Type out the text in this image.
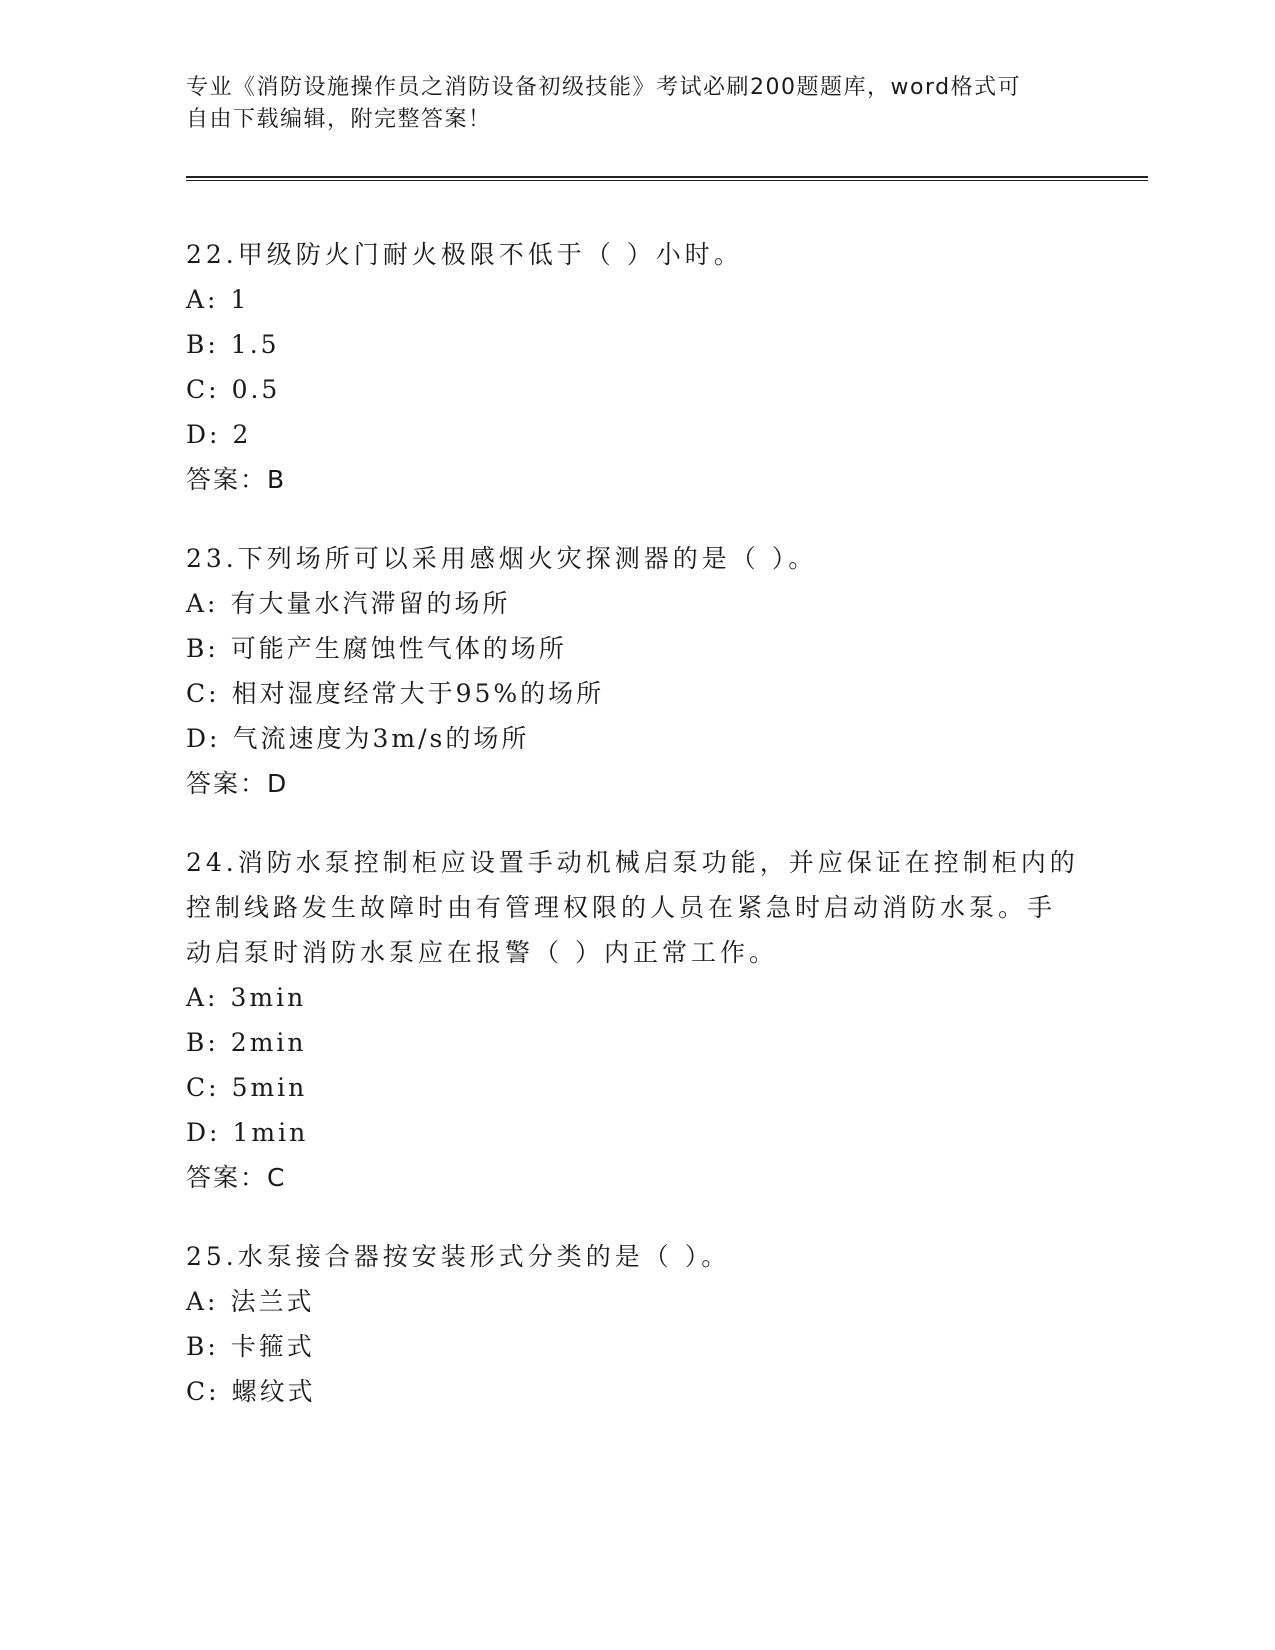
专业《消防设施操作员之消防设备初级技能》考试必刷200题题库，word格式可
自由下载编辑，附完整答案！
22.甲级防火门耐火极限不低于（ ）小时。
A: 1
B: 1.5
C: 0.5
D: 2
答案：B
23.下列场所可以采用感烟火灾探测器的是（ ）。
A: 有大量水汽滞留的场所
B: 可能产生腐蚀性气体的场所
C: 相对湿度经常大于95%的场所
D: 气流速度为3m/s的场所
答案：D
24.消防水泵控制柜应设置手动机械启泵功能，并应保证在控制柜内的
控制线路发生故障时由有管理权限的人员在紧急时启动消防水泵。手
动启泵时消防水泵应在报警（ ）内正常工作。
A: 3min
B: 2min
C: 5min
D: 1min
答案：C
25.水泵接合器按安装形式分类的是（ ）。
A: 法兰式
B: 卡箍式
C: 螺纹式
